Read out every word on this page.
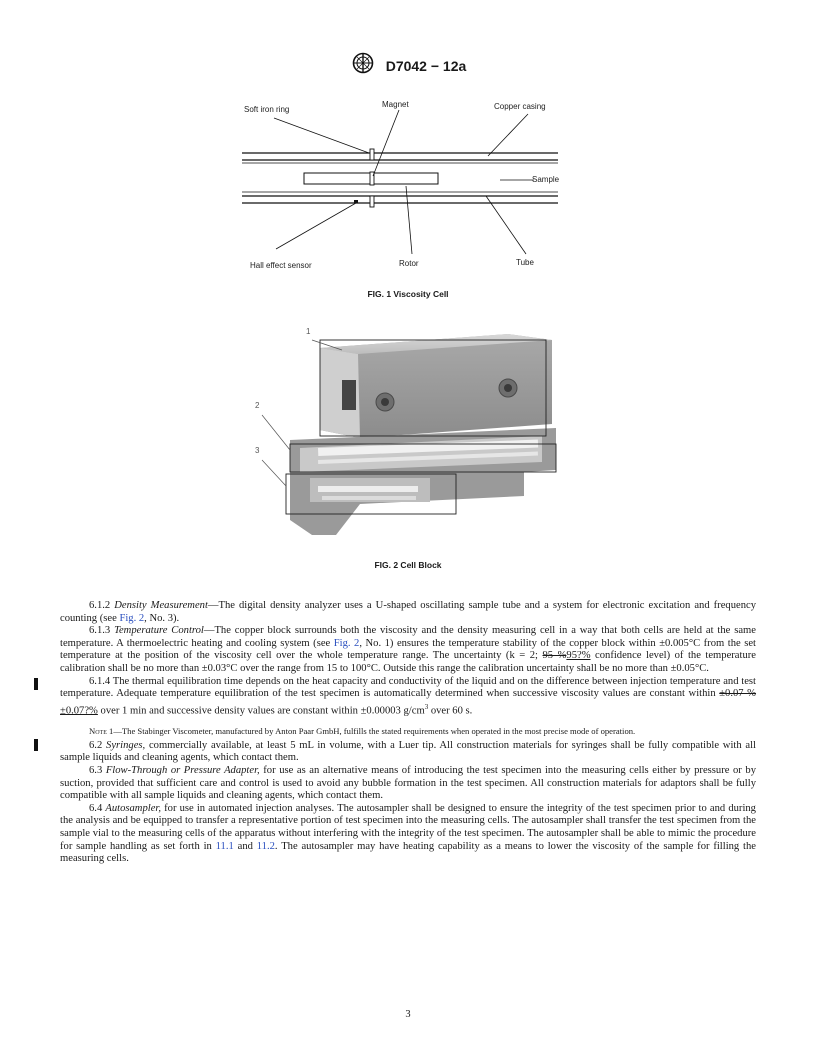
D7042 − 12a
Soft iron ring
Magnet	Copper casing
Sample
Hall effect sensor	Rotor	Tube
FIG. 1 Viscosity Cell
1
2
3
FIG. 2 Cell Block

6.1.2 Density Measurement—The digital density analyzer uses a U-shaped oscillating sample tube and a system for electronic excitation and frequency counting (see Fig. 2, No. 3).

6.1.3 Temperature Control—The copper block surrounds both the viscosity and the density measuring cell in a way that both cells are held at the same temperature. A thermoelectric heating and cooling system (see Fig. 2, No. 1) ensures the temperature stability of the copper block within ±0.005°C from the set temperature at the position of the viscosity cell over the whole temperature range. The uncertainty (k = 2; 95 %95?% confidence level) of the temperature calibration shall be no more than ±0.03°C over the range from 15 to 100°C. Outside this range the calibration uncertainty shall be no more than ±0.05°C.

6.1.4 The thermal equilibration time depends on the heat capacity and conductivity of the liquid and on the difference between injection temperature and test temperature. Adequate temperature equilibration of the test specimen is automatically determined when successive viscosity values are constant within ±0.07 %±0.07?% over 1 min and successive density values are constant within ±0.00003 $g/cm^3$ over 60 s.

Note 1—The Stabinger Viscometer, manufactured by Anton Paar GmbH, fulfills the stated requirements when operated in the most precise mode of operation.

6.2 Syringes, commercially available, at least 5 mL in volume, with a Luer tip. All construction materials for syringes shall be fully compatible with all sample liquids and cleaning agents, which contact them.

6.3 Flow-Through or Pressure Adapter, for use as an alternative means of introducing the test specimen into the measuring cells either by pressure or by suction, provided that sufficient care and control is used to avoid any bubble formation in the test specimen. All construction materials for adaptors shall be fully compatible with all sample liquids and cleaning agents, which contact them.

6.4 Autosampler, for use in automated injection analyses. The autosampler shall be designed to ensure the integrity of the test specimen prior to and during the analysis and be equipped to transfer a representative portion of test specimen into the measuring cells. The autosampler shall transfer the test specimen from the sample vial to the measuring cells of the apparatus without interfering with the integrity of the test specimen. The autosampler shall be able to mimic the procedure for sample handling as set forth in 11.1 and 11.2. The autosampler may have heating capability as a means to lower the viscosity of the sample for filling the measuring cells.

3
